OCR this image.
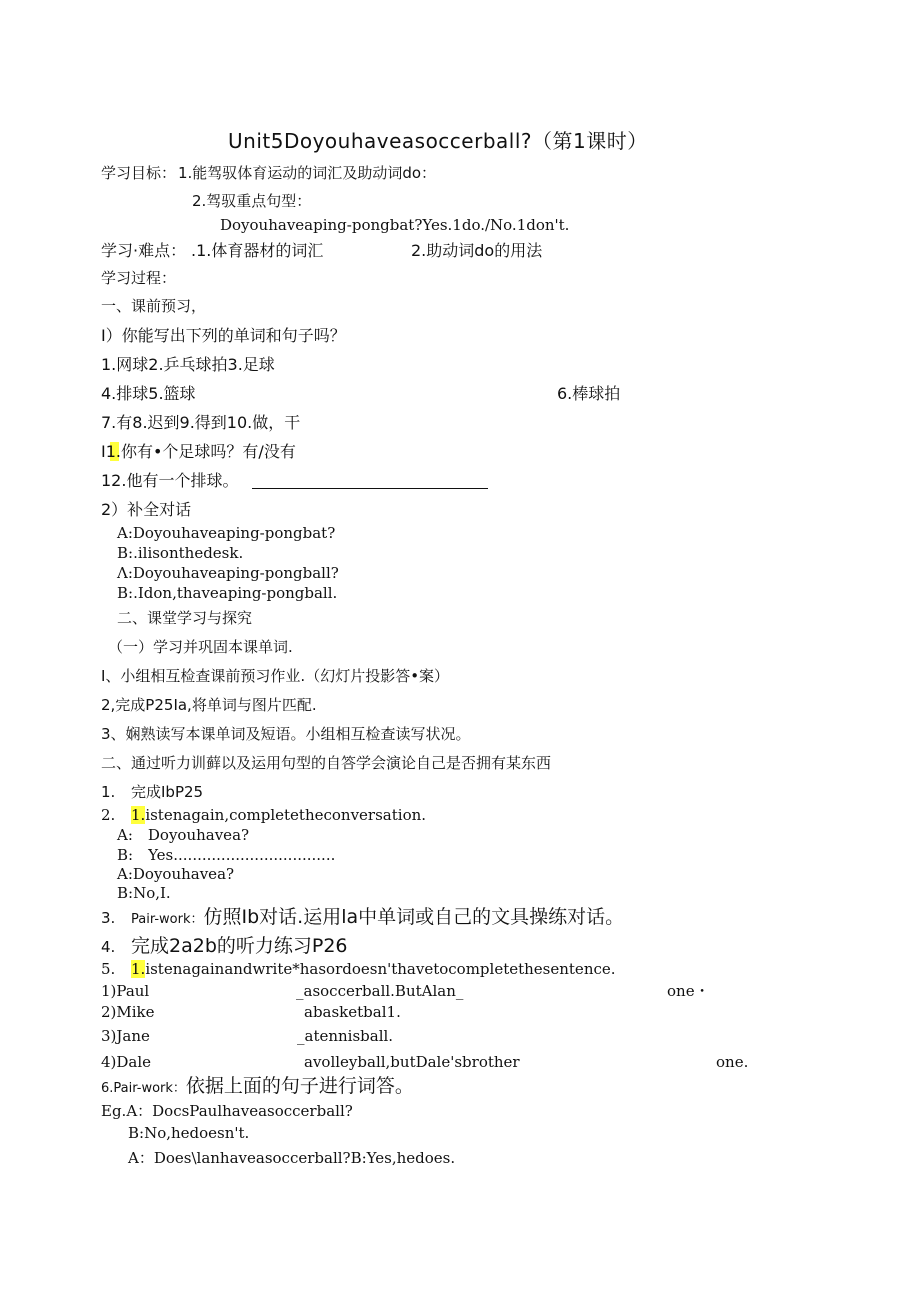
Unit5Doyouhaveasoccerball?（第1课时）
学习目标： 1.能驾驭体育运动的词汇及助动词do：
2.驾驭重点句型：
Doyouhaveaping-pongbat?Yes.1do./No.1don't.
学习·难点： .1.体育器材的词汇	2.助动词do的用法
学习过程：
一、课前预习，
I）你能写出下列的单词和句子吗？
1.网球2.乒乓球拍3.足球
4.排球5.篮球	6.棒球拍
7.有8.迟到9.得到10.做，干
I1.你有•个足球吗？有/没有
12.他有一个排球。
2）补全对话
A:Doyouhaveaping-pongbat?
B:.ilisonthedesk.
Λ:Doyouhaveaping-pongball?
B:.Idon,thaveaping-pongball.
二、课堂学习与探究
（一）学习并巩固本课单词.
I、小组相互检查课前预习作业.（幻灯片投影答•案）
2,完成P25Ia,将单词与图片匹配.
3、娴熟读写本课单词及短语。小组相互检查读写状况。
二、通过听力训藓以及运用句型的自答学会演论自己是否拥有某东西
1. 完成IbP25
2. 1.istenagain,completetheconversation.
A:　Doyouhavea?
B:　Yes..................................
A:Doyouhavea?
B:No,I.
3. Pair-work：仿照Ib对话.运用la中单词或自己的文具操练对话。
4. 完成2a2b的听力练习P26
5. 1.istenagainandwrite*hasordoesn'thavetocompletethesentence.
1)Paul	_asoccerball.ButAlan_	one・
2)Mike	abasketbal1.
3)Jane	_atennisball.
4)Dale	avolleyball,butDale'sbrother	one.
6.Pair-work：依据上面的句子进行词答。
Eg.A：DocsPaulhaveasoccerball?
B:No,hedoesn't.
A：Does\lanhaveasoccerball?B:Yes,hedoes.
